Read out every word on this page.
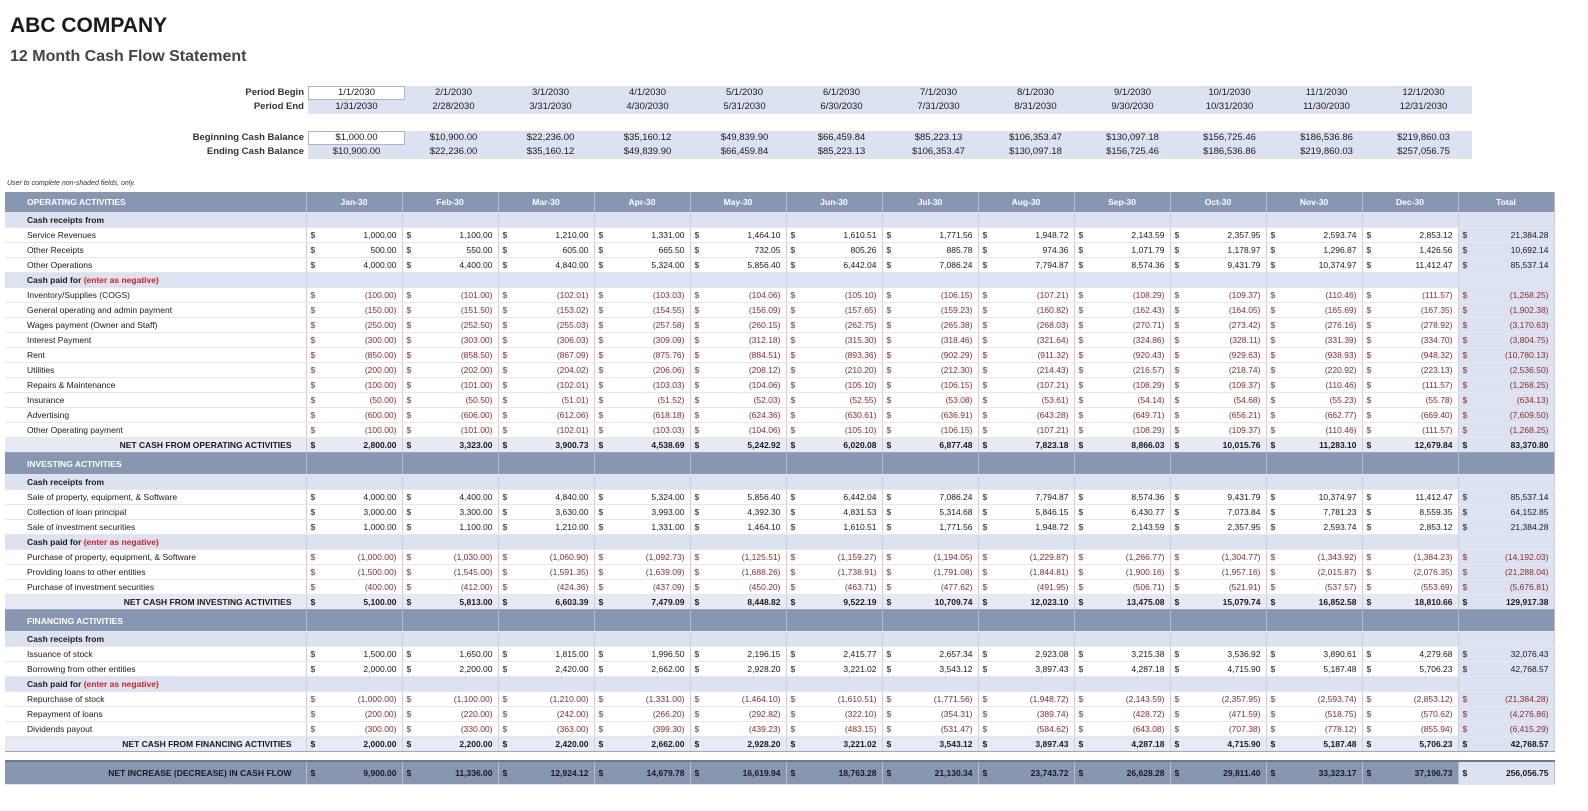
ABC COMPANY
12 Month Cash Flow Statement
Period Begin	1/1/2030	2/1/2030	3/1/2030	4/1/2030	5/1/2030	6/1/2030	7/1/2030	8/1/2030	9/1/2030	10/1/2030	11/1/2030	12/1/2030
Period End	1/31/2030	2/28/2030	3/31/2030	4/30/2030	5/31/2030	6/30/2030	7/31/2030	8/31/2030	9/30/2030	10/31/2030	11/30/2030	12/31/2030

Beginning Cash Balance	$1,000.00	$10,900.00	$22,236.00	$35,160.12	$49,839.90	$66,459.84	$85,223.13	$106,353.47	$130,097.18	$156,725.46	$186,536.86	$219,860.03
Ending Cash Balance	$10,900.00	$22,236.00	$35,160.12	$49,839.90	$66,459.84	$85,223.13	$106,353.47	$130,097.18	$156,725.46	$186,536.86	$219,860.03	$257,056.75
User to complete non-shaded fields, only.
OPERATING ACTIVITIES	Jan-30	Feb-30	Mar-30	Apr-30	May-30	Jun-30	Jul-30	Aug-30	Sep-30	Oct-30	Nov-30	Dec-30	Total
Cash receipts from													
Service Revenues	$ 1,000.00	$ 1,100.00	$ 1,210.00	$ 1,331.00	$ 1,464.10	$ 1,610.51	$ 1,771.56	$ 1,948.72	$ 2,143.59	$ 2,357.95	$ 2,593.74	$ 2,853.12	$ 21,384.28

Other Receipts	$ 500.00	$ 550.00	$ 605.00	$ 665.50	$ 732.05	$ 805.26	$ 885.78	$ 974.36	$ 1,071.79	$ 1,178.97	$ 1,296.87	$ 1,426.56	$ 10,692.14

Other Operations	$ 4,000.00	$ 4,400.00	$ 4,840.00	$ 5,324.00	$ 5,856.40	$ 6,442.04	$ 7,086.24	$ 7,794.87	$ 8,574.36	$ 9,431.79	$ 10,374.97	$ 11,412.47	$ 85,537.14

Cash paid for (enter as negative)													
Inventory/Supplies (COGS)	$ (100.00)	$ (101.00)	$ (102.01)	$ (103.03)	$ (104.06)	$ (105.10)	$ (106.15)	$ (107.21)	$ (108.29)	$ (109.37)	$ (110.46)	$ (111.57)	$ (1,268.25)

General operating and admin payment	$ (150.00)	$ (151.50)	$ (153.02)	$ (154.55)	$ (156.09)	$ (157.65)	$ (159.23)	$ (160.82)	$ (162.43)	$ (164.05)	$ (165.69)	$ (167.35)	$ (1,902.38)

Wages payment (Owner and Staff)	$ (250.00)	$ (252.50)	$ (255.03)	$ (257.58)	$ (260.15)	$ (262.75)	$ (265.38)	$ (268.03)	$ (270.71)	$ (273.42)	$ (276.16)	$ (278.92)	$ (3,170.63)

Interest Payment	$ (300.00)	$ (303.00)	$ (306.03)	$ (309.09)	$ (312.18)	$ (315.30)	$ (318.46)	$ (321.64)	$ (324.86)	$ (328.11)	$ (331.39)	$ (334.70)	$ (3,804.75)

Rent	$ (850.00)	$ (858.50)	$ (867.09)	$ (875.76)	$ (884.51)	$ (893.36)	$ (902.29)	$ (911.32)	$ (920.43)	$ (929.63)	$ (938.93)	$ (948.32)	$ (10,780.13)

Utilities	$ (200.00)	$ (202.00)	$ (204.02)	$ (206.06)	$ (208.12)	$ (210.20)	$ (212.30)	$ (214.43)	$ (216.57)	$ (218.74)	$ (220.92)	$ (223.13)	$ (2,536.50)

Repairs & Maintenance	$ (100.00)	$ (101.00)	$ (102.01)	$ (103.03)	$ (104.06)	$ (105.10)	$ (106.15)	$ (107.21)	$ (108.29)	$ (109.37)	$ (110.46)	$ (111.57)	$ (1,268.25)

Insurance	$ (50.00)	$ (50.50)	$ (51.01)	$ (51.52)	$ (52.03)	$ (52.55)	$ (53.08)	$ (53.61)	$ (54.14)	$ (54.68)	$ (55.23)	$ (55.78)	$ (634.13)

Advertising	$ (600.00)	$ (606.00)	$ (612.06)	$ (618.18)	$ (624.36)	$ (630.61)	$ (636.91)	$ (643.28)	$ (649.71)	$ (656.21)	$ (662.77)	$ (669.40)	$ (7,609.50)

Other Operating payment	$ (100.00)	$ (101.00)	$ (102.01)	$ (103.03)	$ (104.06)	$ (105.10)	$ (106.15)	$ (107.21)	$ (108.29)	$ (109.37)	$ (110.46)	$ (111.57)	$ (1,268.25)

NET CASH FROM OPERATING ACTIVITIES	$ 2,800.00	$ 3,323.00	$ 3,900.73	$ 4,538.69	$ 5,242.92	$ 6,020.08	$ 6,877.48	$ 7,823.18	$ 8,866.03	$ 10,015.76	$ 11,283.10	$ 12,679.84	$ 83,370.80

INVESTING ACTIVITIES													
Cash receipts from													
Sale of property, equipment, & Software	$ 4,000.00	$ 4,400.00	$ 4,840.00	$ 5,324.00	$ 5,856.40	$ 6,442.04	$ 7,086.24	$ 7,794.87	$ 8,574.36	$ 9,431.79	$ 10,374.97	$ 11,412.47	$ 85,537.14

Collection of loan principal	$ 3,000.00	$ 3,300.00	$ 3,630.00	$ 3,993.00	$ 4,392.30	$ 4,831.53	$ 5,314.68	$ 5,846.15	$ 6,430.77	$ 7,073.84	$ 7,781.23	$ 8,559.35	$ 64,152.85

Sale of investment securities	$ 1,000.00	$ 1,100.00	$ 1,210.00	$ 1,331.00	$ 1,464.10	$ 1,610.51	$ 1,771.56	$ 1,948.72	$ 2,143.59	$ 2,357.95	$ 2,593.74	$ 2,853.12	$ 21,384.28

Cash paid for (enter as negative)													
Purchase of property, equipment, & Software	$ (1,000.00)	$ (1,030.00)	$ (1,060.90)	$ (1,092.73)	$ (1,125.51)	$ (1,159.27)	$ (1,194.05)	$ (1,229.87)	$ (1,266.77)	$ (1,304.77)	$ (1,343.92)	$ (1,384.23)	$ (14,192.03)

Providing loans to other entities	$ (1,500.00)	$ (1,545.00)	$ (1,591.35)	$ (1,639.09)	$ (1,688.26)	$ (1,738.91)	$ (1,791.08)	$ (1,844.81)	$ (1,900.16)	$ (1,957.16)	$ (2,015.87)	$ (2,076.35)	$ (21,288.04)

Purchase of investment securities	$ (400.00)	$ (412.00)	$ (424.36)	$ (437.09)	$ (450.20)	$ (463.71)	$ (477.62)	$ (491.95)	$ (506.71)	$ (521.91)	$ (537.57)	$ (553.69)	$ (5,676.81)

NET CASH FROM INVESTING ACTIVITIES	$ 5,100.00	$ 5,813.00	$ 6,603.39	$ 7,479.09	$ 8,448.82	$ 9,522.19	$ 10,709.74	$ 12,023.10	$ 13,475.08	$ 15,079.74	$ 16,852.58	$ 18,810.66	$ 129,917.38

FINANCING ACTIVITIES													
Cash receipts from													
Issuance of stock	$ 1,500.00	$ 1,650.00	$ 1,815.00	$ 1,996.50	$ 2,196.15	$ 2,415.77	$ 2,657.34	$ 2,923.08	$ 3,215.38	$ 3,536.92	$ 3,890.61	$ 4,279.68	$ 32,076.43

Borrowing from other entities	$ 2,000.00	$ 2,200.00	$ 2,420.00	$ 2,662.00	$ 2,928.20	$ 3,221.02	$ 3,543.12	$ 3,897.43	$ 4,287.18	$ 4,715.90	$ 5,187.48	$ 5,706.23	$ 42,768.57

Cash paid for (enter as negative)													
Repurchase of stock	$ (1,000.00)	$ (1,100.00)	$ (1,210.00)	$ (1,331.00)	$ (1,464.10)	$ (1,610.51)	$ (1,771.56)	$ (1,948.72)	$ (2,143.59)	$ (2,357.95)	$ (2,593.74)	$ (2,853.12)	$ (21,384.28)

Repayment of loans	$ (200.00)	$ (220.00)	$ (242.00)	$ (266.20)	$ (292.82)	$ (322.10)	$ (354.31)	$ (389.74)	$ (428.72)	$ (471.59)	$ (518.75)	$ (570.62)	$ (4,276.86)

Dividends payout	$ (300.00)	$ (330.00)	$ (363.00)	$ (399.30)	$ (439.23)	$ (483.15)	$ (531.47)	$ (584.62)	$ (643.08)	$ (707.38)	$ (778.12)	$ (855.94)	$ (6,415.29)

NET CASH FROM FINANCING ACTIVITIES	$ 2,000.00	$ 2,200.00	$ 2,420.00	$ 2,662.00	$ 2,928.20	$ 3,221.02	$ 3,543.12	$ 3,897.43	$ 4,287.18	$ 4,715.90	$ 5,187.48	$ 5,706.23	$ 42,768.57

NET INCREASE (DECREASE) IN CASH FLOW	$ 9,900.00	$ 11,336.00	$ 12,924.12	$ 14,679.78	$ 16,619.94	$ 18,763.28	$ 21,130.34	$ 23,743.72	$ 26,628.28	$ 29,811.40	$ 33,323.17	$ 37,196.73	$ 256,056.75
